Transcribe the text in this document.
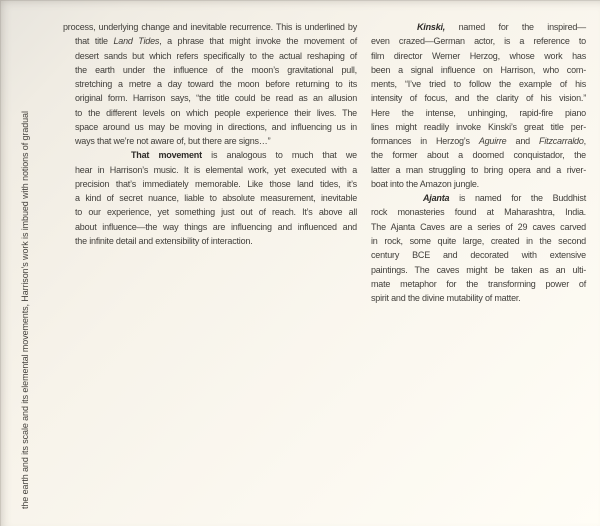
the earth and its scale and its elemental movements, Harrison’s work is imbued with notions of gradual
process, underlying change and inevitable recurrence. This is underlined by
that title Land Tides, a phrase that might invoke the movement of
desert sands but which refers specifically to the actual reshaping of
the earth under the influence of the moon’s gravitational pull,
stretching a metre a day toward the moon before returning to its
original form. Harrison says, “the title could be read as an allusion
to the different levels on which people experience their lives. The
space around us may be moving in directions, and influencing us in
ways that we’re not aware of, but there are signs…”
That movement is analogous to much that we
hear in Harrison’s music. It is elemental work, yet executed with a
precision that’s immediately memorable. Like those land tides, it’s
a kind of secret nuance, liable to absolute measurement, inevitable
to our experience, yet something just out of reach. It’s above all
about influence—the way things are influencing and influenced and
the infinite detail and extensibility of interaction.
Kinski, named for the inspired—
even crazed—German actor, is a reference to
film director Werner Herzog, whose work has
been a signal influence on Harrison, who com-
ments, “I’ve tried to follow the example of his
intensity of focus, and the clarity of his vision.”
Here the intense, unhinging, rapid-fire piano
lines might readily invoke Kinski’s great title per-
formances in Herzog’s Aguirre and Fitzcarraldo,
the former about a doomed conquistador, the
latter a man struggling to bring opera and a river-
boat into the Amazon jungle.
Ajanta is named for the Buddhist
rock monasteries found at Maharashtra, India.
The Ajanta Caves are a series of 29 caves carved
in rock, some quite large, created in the second
century BCE and decorated with extensive
paintings. The caves might be taken as an ulti-
mate metaphor for the transforming power of
spirit and the divine mutability of matter.
